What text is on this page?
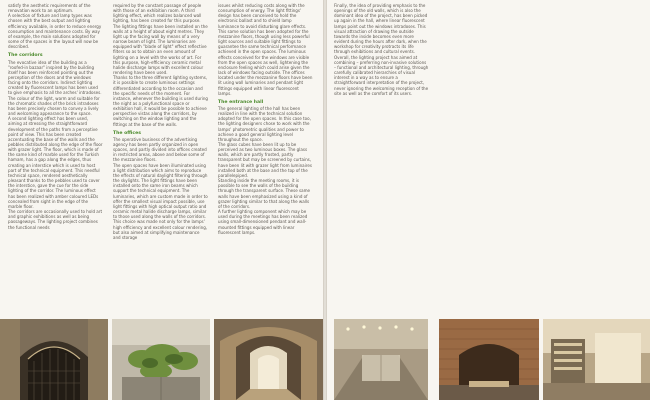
satisfy the aesthetic requirements of the renovation work to an optimum.

A selection of fixture and lamp types was chosen with the best output and lighting efficiency available, in order to reduce energy consumption and maintenance costs. By way of example, the main solutions adopted for some of the spaces in the layout will now be described.

The corridors

The evocative idea of the building as a "roofed-in bazaar" inspired by the building itself has been reinforced pointing out the perception of the doors and the windows facing onto the corridors. Indirect lighting created by fluorescent lamps has been used to give emphasis to all the arches' intradoses. The colour of the light, warm and suitable for the chromatic shades of the brick intradoses has been precisely chosen to convey a lively and welcoming appearance to the space.

A second lighting effect has been used, aiming at stressing the straightforward development of the paths from a perceptive point of view. This has been created accentuating the base of the walls and the pebbles distributed along the edge of the floor with grazer light. The floor, which is made of the same kind of marble used for the Turkish hamam, has a gap along the edges, thus creating an interstice which is used to host part of the technical equipment. This needful technical space, rendered aesthetically pleasant thanks to the pebbles used to cover the interstice, gave the cue for the side lighting of the corridor. The luminous effect has been realized with amber coloured LEDs concealed from sight in the edge of the marble floor.

The corridors are occasionally used to hold art and graphic exhibitions as well as being passageways. The lighting project combines the functional needs

required by the constant passage of people with those of an exhibition room. A third lighting effect, which realizes balanced wall lighting, has been created for this purpose. The lighting fittings have been installed on the walls at a height of about eight metres. They light up the facing wall by means of a very narrow beam of light. The luminaries are equipped with "blade of light" effect reflective filters so as to obtain an even amount of lighting on a level with the works of art. For this purpose, high-efficiency ceramic metal halide discharge lamps with excellent colour rendering have been used.

Thanks to the three different lighting systems, it is possible to create luminous settings differentiated according to the occasion and the specific needs of the moment. For instance, whenever the building is used during the night as a polyfunctional space or exhibition hall, it would be possible to achieve perspective vistas along the corridors, by switching on the window lighting and the fittings at the base of the walls.

The offices

The operative business of the advertising agency has been partly organized in open spaces, and partly divided into offices created in restricted areas, above and below some of the mezzanine floors.

The open spaces have been illuminated using a light distribution which aims to reproduce the effects of natural daylight filtering through the skylights. The light fittings have been installed onto the same iron beams which support the technical equipment. The luminaries, which are custom made in order to offer the smallest visual impact possible, use light fittings with high optical output ratio and ceramic metal halide discharge lamps, similar to those used along the walls of the corridors. This choice was made not only for the lamps' high efficiency and excellent colour rendering, but also aimed at simplifying maintenance and storage

issues whilst reducing costs along with the consumption of energy. The light fittings' design has been conceived to hold the electronic ballast and to shield lamp luminance to avoid disturbing glare effects.

This same solution has been adopted for the mezzanine floors, though using less powerful light sources and suitable light fittings to guarantee the same technical performance achieved in the open spaces. The luminous effects conceived for the windows are visible from the open spaces as well, lightening the enclosure feeling which could arise given the lack of windows facing outside. The offices located under the mezzanine floors have been lit using wall luminaries and pendant light fittings equipped with linear fluorescent lamps.

The entrance hall

The general lighting of the hall has been realized in line with the technical solution adopted for the open spaces. In this case too, the lighting designers chose to work with the lamps' photometric qualities and power to achieve a good general lighting level throughout the space.

The glass cubes have been lit up to be perceived as two luminous boxes. The glass walls, which are partly frosted, partly transparent but may be screened by curtains, have been lit with grazer light from luminaires installed both at the base and the top of the parallelepiped.

Standing inside the meeting rooms, it is possible to see the walls of the building through the transparent surface. These same walls have been emphasized using a kind of grazer lighting similar to that along the walls of the corridors.

A further lighting component which may be used during the meetings has been realized using small-dimensioned pendant and wall-mounted fittings equipped with linear fluorescent lamps.

Finally, the idea of providing emphasis to the openings of the old walls, which is also the dominant idea of the project, has been picked up again in the hall, where linear fluorescent lamps point out the windows intradoses. This visual attraction of drawing the outside towards the inside becomes even more evident during the hours after dark, when the workshop for creativity protracts its life through exhibitions and cultural events.

Overall, the lighting project has aimed at combining – preferring non-invasive solutions – functional and architectural lighting, through carefully calibrated hierarchies of visual interest in a way as to ensure a straightforward interpretation of the project, never ignoring the welcoming reception of the site as well as the comfort of its users.
